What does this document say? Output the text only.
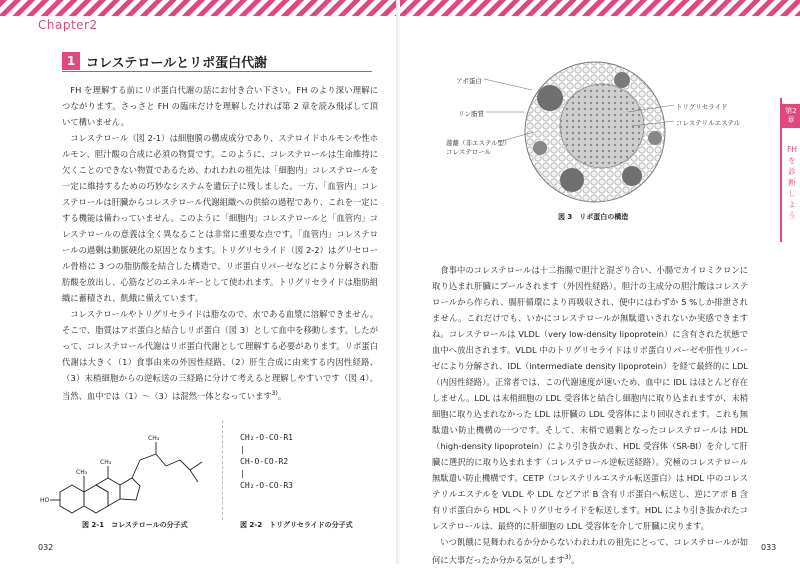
Chapter2
1 コレステロールとリポ蛋白代謝

FH を理解する前にリポ蛋白代謝の話にお付き合い下さい。FH のより深い理解につながります。さっさと FH の臨床だけを理解したければ第 2 章を読み飛ばして頂いて構いません。

コレステロール（図 2-1）は細胞膜の構成成分であり、ステロイドホルモンや性ホルモン、胆汁酸の合成に必須の物質です。このように、コレステロールは生命維持に欠くことのできない物質であるため、われわれの祖先は「細胞内」コレステロールを一定に維持するための巧妙なシステムを遺伝子に残しました。一方、「血管内」コレステロールは肝臓からコレステロール代謝組織への供給の過程であり、これを一定にする機能は備わっていません。このように「細胞内」コレステロールと「血管内」コレステロールの意義は全く異なることは非常に重要な点です。「血管内」コレステロールの過剰は動脈硬化の原因となります。トリグリセライド（図 2-2）はグリセロール骨格に 3 つの脂肪酸を結合した構造で、リポ蛋白リパーゼなどにより分解され脂肪酸を放出し、心筋などのエネルギーとして使われます。トリグリセライドは脂肪組織に蓄積され、飢餓に備えています。

コレステロールやトリグリセライドは脂なので、水である血漿に溶解できません。そこで、脂質はアポ蛋白と結合しリポ蛋白（図 3）として血中を移動します。したがって、コレステロール代謝はリポ蛋白代謝として理解する必要があります。リポ蛋白代謝は大きく（1）食事由来の外因性経路、（2）肝生合成に由来する内因性経路、（3）末梢細胞からの逆転送の三経路に分けて考えると理解しやすいです（図 4）。当然、血中では（1）〜（3）は混然一体となっています$^{3)}$。

HO
CH₃
CH₃
CH₃	CH₂-O-CO-R1
|
CH-O-CO-R2
|
CH₂-O-CO-R3
図 2-1　コレステロールの分子式	図 2-2　トリグリセライドの分子式
032
アポ蛋白
リン脂質
遊離（非エステル型）
コレステロール
トリグリセライド
コレステリルエステル
図 3　リポ蛋白の構造

食事中のコレステロールは十二指腸で胆汁と混ざり合い、小腸でカイロミクロンに取り込まれ肝臓にプールされます（外因性経路）。胆汁の主成分の胆汁酸はコレステロールから作られ、腸肝循環により再吸収され、便中にはわずか 5 %しか排泄されません。これだけでも、いかにコレステロールが無駄遣いされないか実感できますね。コレステロールは VLDL（very low-density lipoprotein）に含有された状態で血中へ放出されます。VLDL 中のトリグリセライドはリポ蛋白リパーゼや肝性リパーゼにより分解され、IDL（intermediate density lipoprotein）を経て最終的に LDL（内因性経路）。正常者では、この代謝速度が速いため、血中に IDL はほとんど存在しません。LDL は末梢細胞の LDL 受容体と結合し細胞内に取り込まれますが、末梢細胞に取り込まれなかった LDL は肝臓の LDL 受容体により回収されます。これも無駄遣い防止機構の一つです。そして、末梢で過剰となったコレステロールは HDL（high-density lipoprotein）により引き抜かれ、HDL 受容体（SR-BI）を介して肝臓に選択的に取り込まれます（コレステロール逆転送経路）。究極のコレステロール無駄遣い防止機構です。CETP（コレステリルエステル転送蛋白）は HDL 中のコレステリルエステルを VLDL や LDL などアポ B 含有リポ蛋白へ転送し、逆にアポ B 含有リポ蛋白から HDL へトリグリセライドを転送します。HDL により引き抜かれたコレステロールは、最終的に肝細胞の LDL 受容体を介して肝臓に戻ります。

いつ飢餓に見舞われるか分からないわれわれの祖先にとって、コレステロールが如何に大事だったか分かる気がします$^{3)}$。

033
第2章
FHを診断しよう
